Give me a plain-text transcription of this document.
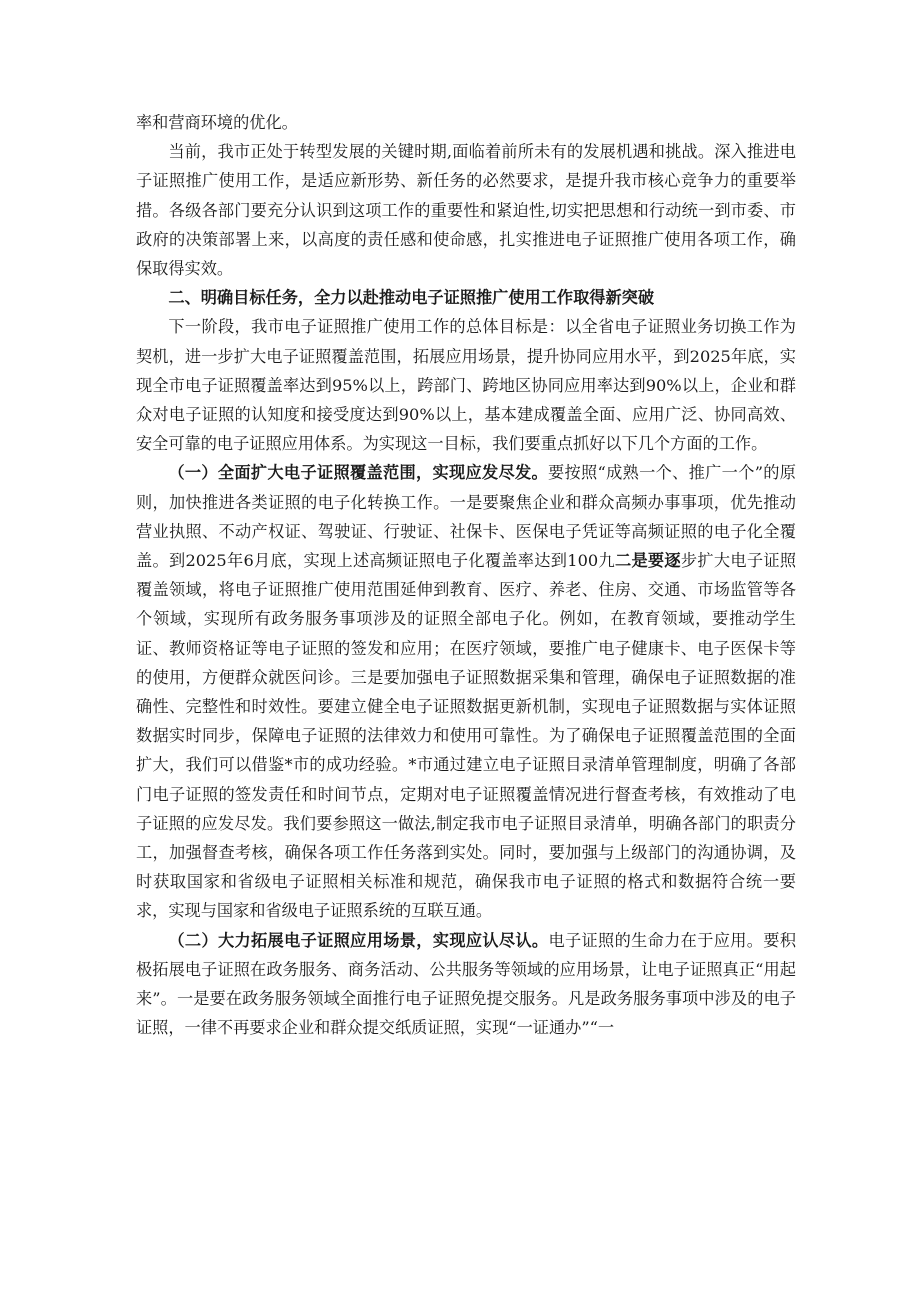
率和营商环境的优化。

当前，我市正处于转型发展的关键时期,面临着前所未有的发展机遇和挑战。深入推进电子证照推广使用工作，是适应新形势、新任务的必然要求，是提升我市核心竞争力的重要举措。各级各部门要充分认识到这项工作的重要性和紧迫性,切实把思想和行动统一到市委、市政府的决策部署上来，以高度的责任感和使命感，扎实推进电子证照推广使用各项工作，确保取得实效。

二、明确目标任务，全力以赴推动电子证照推广使用工作取得新突破

下一阶段，我市电子证照推广使用工作的总体目标是：以全省电子证照业务切换工作为契机，进一步扩大电子证照覆盖范围，拓展应用场景，提升协同应用水平，到2025年底，实现全市电子证照覆盖率达到95%以上，跨部门、跨地区协同应用率达到90%以上，企业和群众对电子证照的认知度和接受度达到90%以上，基本建成覆盖全面、应用广泛、协同高效、安全可靠的电子证照应用体系。为实现这一目标，我们要重点抓好以下几个方面的工作。

（一）全面扩大电子证照覆盖范围，实现应发尽发。要按照“成熟一个、推广一个”的原则，加快推进各类证照的电子化转换工作。一是要聚焦企业和群众高频办事事项，优先推动营业执照、不动产权证、驾驶证、行驶证、社保卡、医保电子凭证等高频证照的电子化全覆盖。到2025年6月底，实现上述高频证照电子化覆盖率达到100九二是要逐步扩大电子证照覆盖领域，将电子证照推广使用范围延伸到教育、医疗、养老、住房、交通、市场监管等各个领域，实现所有政务服务事项涉及的证照全部电子化。例如，在教育领域，要推动学生证、教师资格证等电子证照的签发和应用；在医疗领域，要推广电子健康卡、电子医保卡等的使用，方便群众就医问诊。三是要加强电子证照数据采集和管理，确保电子证照数据的准确性、完整性和时效性。要建立健全电子证照数据更新机制，实现电子证照数据与实体证照数据实时同步，保障电子证照的法律效力和使用可靠性。为了确保电子证照覆盖范围的全面扩大，我们可以借鉴*市的成功经验。*市通过建立电子证照目录清单管理制度，明确了各部门电子证照的签发责任和时间节点，定期对电子证照覆盖情况进行督查考核，有效推动了电子证照的应发尽发。我们要参照这一做法,制定我市电子证照目录清单，明确各部门的职责分工，加强督查考核，确保各项工作任务落到实处。同时，要加强与上级部门的沟通协调，及时获取国家和省级电子证照相关标准和规范，确保我市电子证照的格式和数据符合统一要求，实现与国家和省级电子证照系统的互联互通。

（二）大力拓展电子证照应用场景，实现应认尽认。电子证照的生命力在于应用。要积极拓展电子证照在政务服务、商务活动、公共服务等领域的应用场景，让电子证照真正“用起来”。一是要在政务服务领域全面推行电子证照免提交服务。凡是政务服务事项中涉及的电子证照，一律不再要求企业和群众提交纸质证照，实现“一证通办”“一
